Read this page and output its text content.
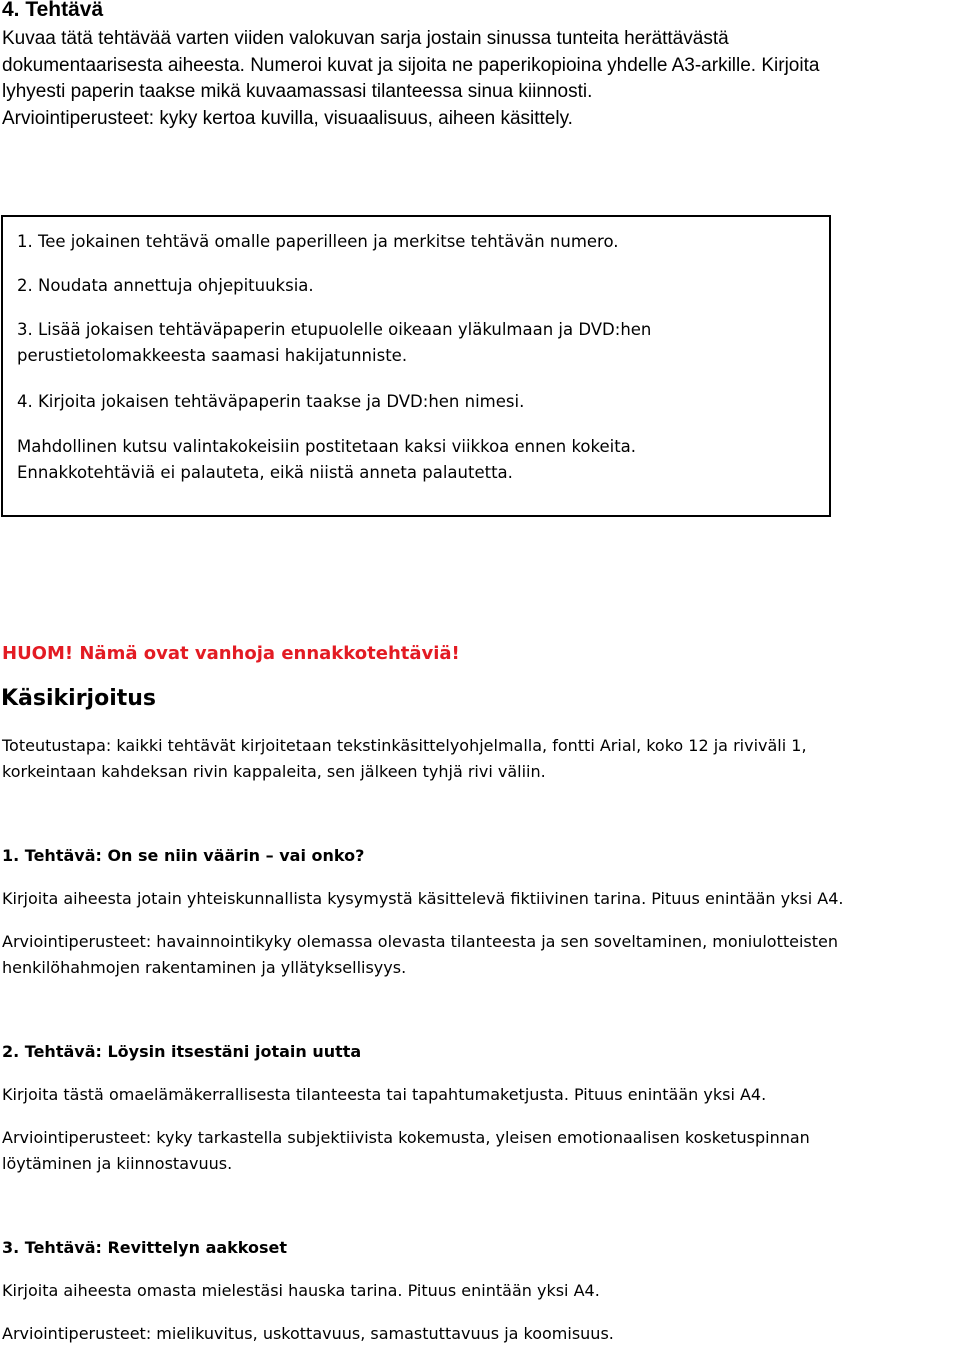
4. Tehtävä

Kuvaa tätä tehtävää varten viiden valokuvan sarja jostain sinussa tunteita herättävästä
dokumentaarisesta aiheesta. Numeroi kuvat ja sijoita ne paperikopioina yhdelle A3-arkille. Kirjoita
lyhyesti paperin taakse mikä kuvaamassasi tilanteessa sinua kiinnosti.
Arviointiperusteet: kyky kertoa kuvilla, visuaalisuus, aiheen käsittely.

1. Tee jokainen tehtävä omalle paperilleen ja merkitse tehtävän numero.

2. Noudata annettuja ohjepituuksia.

3. Lisää jokaisen tehtäväpaperin etupuolelle oikeaan yläkulmaan ja DVD:hen

perustietolomakkeesta saamasi hakijatunniste.

4. Kirjoita jokaisen tehtäväpaperin taakse ja DVD:hen nimesi.

Mahdollinen kutsu valintakokeisiin postitetaan kaksi viikkoa ennen kokeita.

Ennakkotehtäviä ei palauteta, eikä niistä anneta palautetta.

HUOM! Nämä ovat vanhoja ennakkotehtäviä!

Käsikirjoitus

Toteutustapa: kaikki tehtävät kirjoitetaan tekstinkäsittelyohjelmalla, fontti Arial, koko 12 ja riviväli 1,
korkeintaan kahdeksan rivin kappaleita, sen jälkeen tyhjä rivi väliin.

1. Tehtävä: On se niin väärin – vai onko?

Kirjoita aiheesta jotain yhteiskunnallista kysymystä käsittelevä fiktiivinen tarina. Pituus enintään yksi A4.

Arviointiperusteet: havainnointikyky olemassa olevasta tilanteesta ja sen soveltaminen, moniulotteisten
henkilöhahmojen rakentaminen ja yllätyksellisyys.

2. Tehtävä: Löysin itsestäni jotain uutta

Kirjoita tästä omaelämäkerrallisesta tilanteesta tai tapahtumaketjusta. Pituus enintään yksi A4.

Arviointiperusteet: kyky tarkastella subjektiivista kokemusta, yleisen emotionaalisen kosketuspinnan
löytäminen ja kiinnostavuus.

3. Tehtävä: Revittelyn aakkoset

Kirjoita aiheesta omasta mielestäsi hauska tarina. Pituus enintään yksi A4.

Arviointiperusteet: mielikuvitus, uskottavuus, samastuttavuus ja koomisuus.
